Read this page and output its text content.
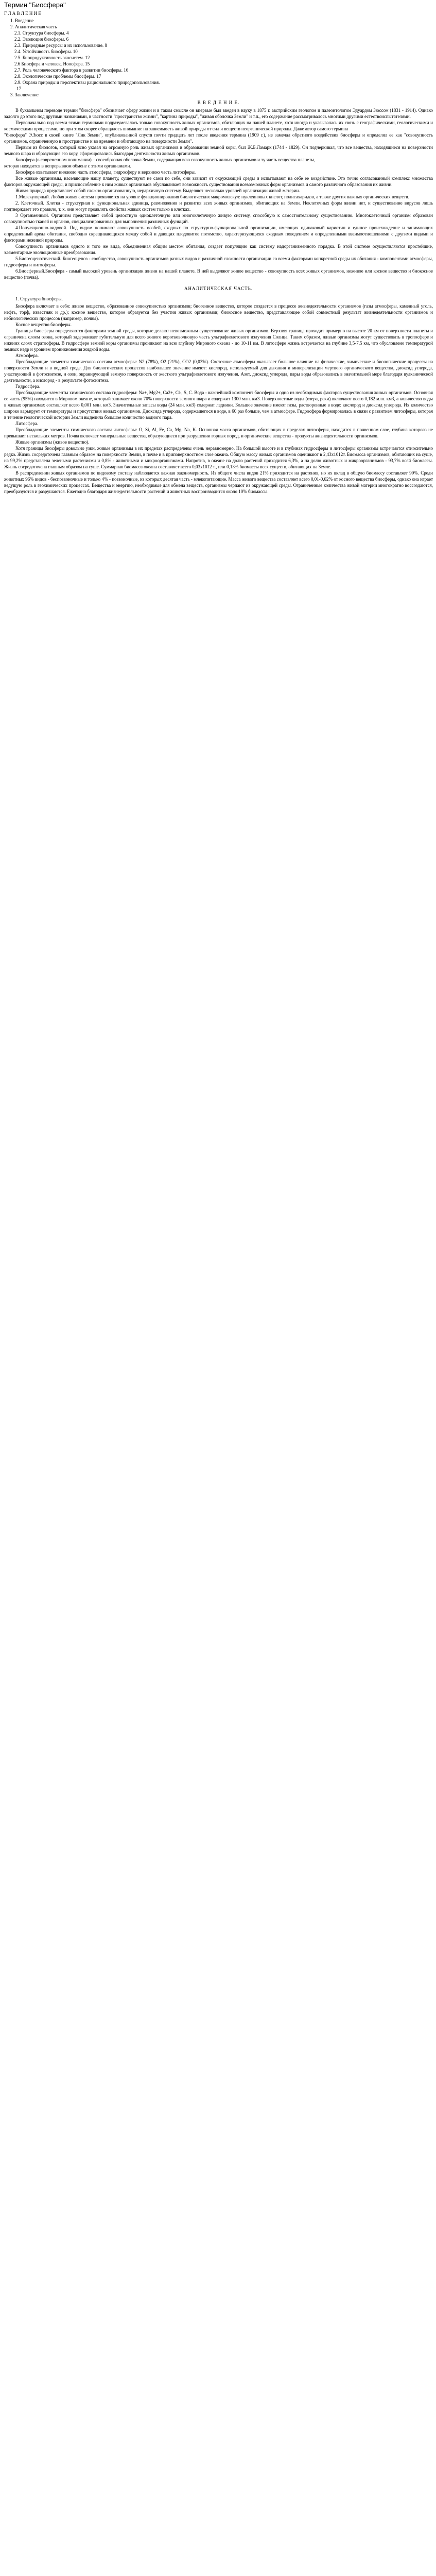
Термин "Биосфера"
Г Л А В Л Е Н И Е

1. Введение

2. Аналитическая часть

2.1. Структура биосферы. 4

2.2. Эволюция биосферы. 6

2.3. Природные ресурсы и их использование. 8

2.4. Устойчивость биосферы. 10

2.5. Биопродуктивность экосистем. 12

2.6 Биосфера и человек. Ноосфера. 15

2.7. Роль человеческого фактора в развитии биосферы. 16

2.8. Экологические проблемы биосферы. 17

2.9. Охрана природы и перспективы рационального природопользования.

17

3. Заключение

В В Е Д Е Н И Е.

В буквальном переводе термин "биосфера" обозначает сферу жизни и в таком смысле он впервые был введен в науку в 1875 г. австрийским геологом и палеонтологом Эдуардом Зюссом (1831 - 1914). Однако задолго до этого под другими названиями, в частности "пространство жизни", "картина природы", "живая оболочка Земли" и т.п., его содержание рассматривалось многими другими естествоиспытателями.

Первоначально под всеми этими терминами подразумевалась только совокупность живых организмов, обитающих на нашей планете, хотя иногда и указывалась их связь с географическими, геологическими и космическими процессами, но при этом скорее обращалось внимание на зависимость живой природы от сил и веществ неорганической природы. Даже автор самого термина

"биосфера" Э.Зюсс в своей книге "Лик Земли", опубликованной спустя почти тридцать лет после введения термина (1909 г.), не замечал обратного воздействия биосферы и определял ее как "совокупность организмов, ограниченную в пространстве и во времени и обитающую на поверхности Земли".

Первым из биологов, который ясно указал на огромную роль живых организмов в образовании земной коры, был Ж.Б.Ламарк (1744 - 1829). Он подчеркивал, что все вещества, находящиеся на поверхности земного шара и образующие его кору, сформировались благодаря деятельности живых организмов.

Биосфера (в современном понимании) – своеобразная оболочка Земли, содержащая всю совокупность живых организмов и ту часть вещества планеты,

которая находится в непрерывном обмене с этими организмами.

Биосфера охватывает нижнюю часть атмосферы, гидросферу и верхнюю часть литосферы.

Все живые организмы, населяющие нашу планету, существуют не сами по себе, они зависят от окружающей среды и испытывают на себе ее воздействие. Это точно согласованный комплекс множества факторов окружающей среды, и приспособление к ним живых организмов обуславливает возможность существования всевозможных форм организмов и самого различного образования их жизни.

Живая природа представляет собой сложно организованную, иерархичную систему. Выделяют несколько уровней организации живой материи.

1.Молекулярный. Любая живая система проявляется на уровне функционирования биологических макромолекул: нуклеиновых кислот, полисахаридов, а также других важных органических веществ.

2. Клеточный. Клетка - структурная и функциональная единица, размножения и развития всех живых организмов, обитающих на Земли. Неклеточных форм жизни нет, и существование вирусов лишь подтверждает это правило, т. к. они могут проявлять свойства живых систем только в клетках.

3 Органменный. Организм представляет собой целостную одноклеточную или многоклеточную живую систему, способную к самостоятельному существованию. Многоклеточный организм образован совокупностью тканей и органов, специализированных для выполнения различных функций.

4.Популяционно-видовой. Под видом понимают совокупность особей, сходных по структурно-функциональной организации, имеющих одинаковый кариотип и единое происхождение и занимающих определенный ареал обитания, свободно скрещивающихся между собой и дающих плодовитое потомство, характеризующихся сходным поведением и определенными взаимоотношениями с другими видами и факторами неживой природы.

Совокупность организмов одного и того же вида, объединенная общим местом обитания, создает популяцию как систему надорганизменного порядка. В этой системе осуществляются простейшие, элементарные эволюционные преобразования.

5.Биогеоценотический. Биогеоценоз - сообщество, совокупность организмов разных видов и различной сложности организации со всеми факторами конкретной среды их обитания - компонентами атмосферы, гидросферы и литосферы.

6.Биосферный.Биосфера - самый высокий уровень организации жизни на нашей планете. В ней выделяют живое вещество - совокупность всех живых организмов, неживое или косное вещество и биокосное вещество (почва).

АНАЛИТИЧЕСКАЯ ЧАСТЬ.
1. Структура биосферы.

Биосфера включает в себя: живое вещество, образованное совокупностью организмов; биогенное вещество, которое создается в процессе жизнедеятельности организмов (газы атмосферы, каменный уголь, нефть, торф, известняк и др.); косное вещество, которое образуется без участия живых организмов; биокосное вещество, представляющее собой совместный результат жизнедеятельности организмов и небиологических процессов (например, почвы).

Косное вещество биосферы.

Границы биосферы определяются факторами земной среды, которые делают невозможным существование живых организмов. Верхняя граница проходит примерно на высоте 20 км от поверхности планеты и ограничена слоем озона, который задерживает губительную для всего живого коротковолновую часть ультрафиолетового излучения Солнца. Таким образом, живые организмы могут существовать в тропосфере и нижних слоях стратосферы. В гидросфере земной коры организмы проникают на всю глубину Мирового океана - до 10-11 км. В литосфере жизнь встречается на глубине 3,5-7,5 км, что обусловлено температурой земных недр и уровнем проникновения жидкой воды.

Атмосфера.

Преобладающие элементы химического состава атмосферы: N2 (78%), О2 (21%), СО2 (0,03%). Состояние атмосферы оказывает большое влияние на физические, химические и биологические процессы на поверхности Земли и в водной среде. Для биологических процессов наибольшее значение имеют: кислород, используемый для дыхания и минерализации мертвого органического вещества, диоксид углерода, участвующий в фотосинтезе, и озон, экранирующий земную поверхность от жесткого ультрафиолетового излучения. Азот, диоксид углерода, пары воды образовались в значительной мере благодаря вулканической деятельности, а кислород - в результате фотосинтеза.

Гидросфера.

Преобладающие элементы химического состава гидросферы: Na+, Mg2+, Ca2+, Cl-, S, C. Вода - важнейший компонент биосферы и одно из необходимых факторов существования живых организмов. Основная ее часть (95%) находится в Мировом океане, который занимает около 70% поверхности земного шара и содержит 1300 млн. км3. Поверхностные воды (озера, реки) включают всего 0,182 млн. км3, а количество воды в живых организмах составляет всего 0,001 млн. км3. Значительные запасы воды (24 млн. км3) содержат ледники. Большое значение имеют газы, растворенные в воде: кислород и диоксид углерода. Их количество широко варьирует от температуры и присутствия живых организмов. Диоксида углерода, содержащегося в воде, в 60 раз больше, чем в атмосфере. Гидросфера формировалась в связи с развитием литосферы, которая в течение геологической истории Земли выделила большое количество водного пара.

Литосфера.

Преобладающие элементы химического состава литосферы: O, Si, Al, Fe, Ca, Mg, Na, K. Основная масса организмов, обитающих в пределах литосферы, находится в почвенном слое, глубина которого не превышает нескольких метров. Почва включает минеральные вещества, образующиеся при разрушении горных пород, и органические вещества - продукты жизнедеятельности организмов.

Живые организмы (живое вещество).

Хотя границы биосферы довольно узки, живые организмы в их пределах распределены очень неравномерно. На большой высоте и в глубинах гидросферы и литосферы организмы встречаются относительно редко. Жизнь сосредоточена главным образом на поверхности Земли, в почве и в приповерхностном слое океана. Общую массу живых организмов оценивают в 2,43x1012т. Биомасса организмов, обитающих на суше, на 99,2% представлена зелеными растениями и 0,8% - животными и микроорганизмами. Напротив, в океане на долю растений приходится 6,3%, а на долю животных и микроорганизмов - 93,7% всей биомассы. Жизнь сосредоточена главным образом на суше. Суммарная биомасса океана составляет всего 0,03x1012 т., или 0,13% биомассы всех существ, обитающих на Земле.

В распределении живых организмов по видовому составу наблюдается важная закономерность. Из общего числа видов 21% приходится на растения, но их вклад в общую биомассу составляет 99%. Среди животных 96% видов - беспозвоночные и только 4% - позвоночные, из которых десятая часть - млекопитающие. Масса живого вещества составляет всего 0,01-0,02% от косного вещества биосферы, однако она играет ведущую роль в геохимических процессах. Вещества и энергию, необходимые для обмена веществ, организмы черпают из окружающей среды. Ограниченные количества живой материи многократно воссоздаются, преобразуются и разрушаются. Ежегодно благодаря жизнедеятельности растений и животных воспроизводится около 10% биомассы.
